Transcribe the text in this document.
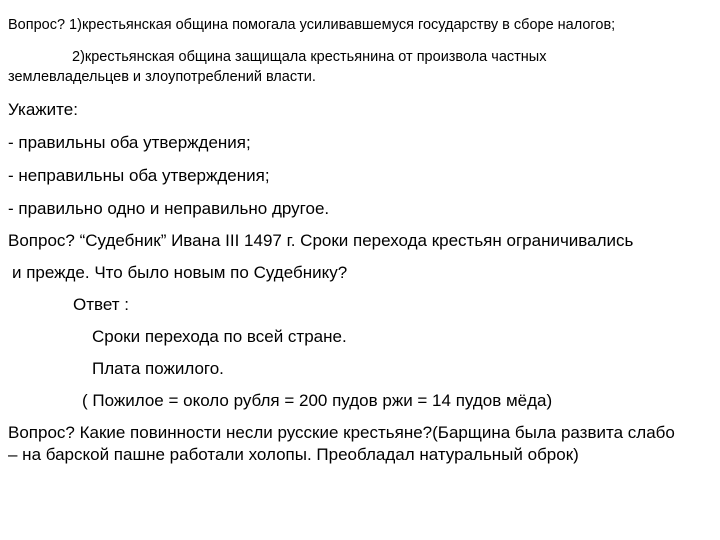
Вопрос? 1)крестьянская община помогала усиливавшемуся государству в сборе налогов;
2)крестьянская община защищала крестьянина от произвола частных
землевладельцев и злоупотреблений власти.
Укажите:
- правильны оба утверждения;
- неправильны оба утверждения;
- правильно одно и неправильно другое.
Вопрос? “Судебник” Ивана III 1497 г. Сроки перехода крестьян ограничивались
и прежде. Что было новым по Судебнику?
Ответ :
Сроки перехода по всей стране.
Плата пожилого.
( Пожилое = около рубля = 200 пудов ржи = 14 пудов мёда)
Вопрос? Какие повинности несли русские крестьяне?(Барщина была развита слабо
– на барской пашне работали холопы. Преобладал натуральный оброк)
